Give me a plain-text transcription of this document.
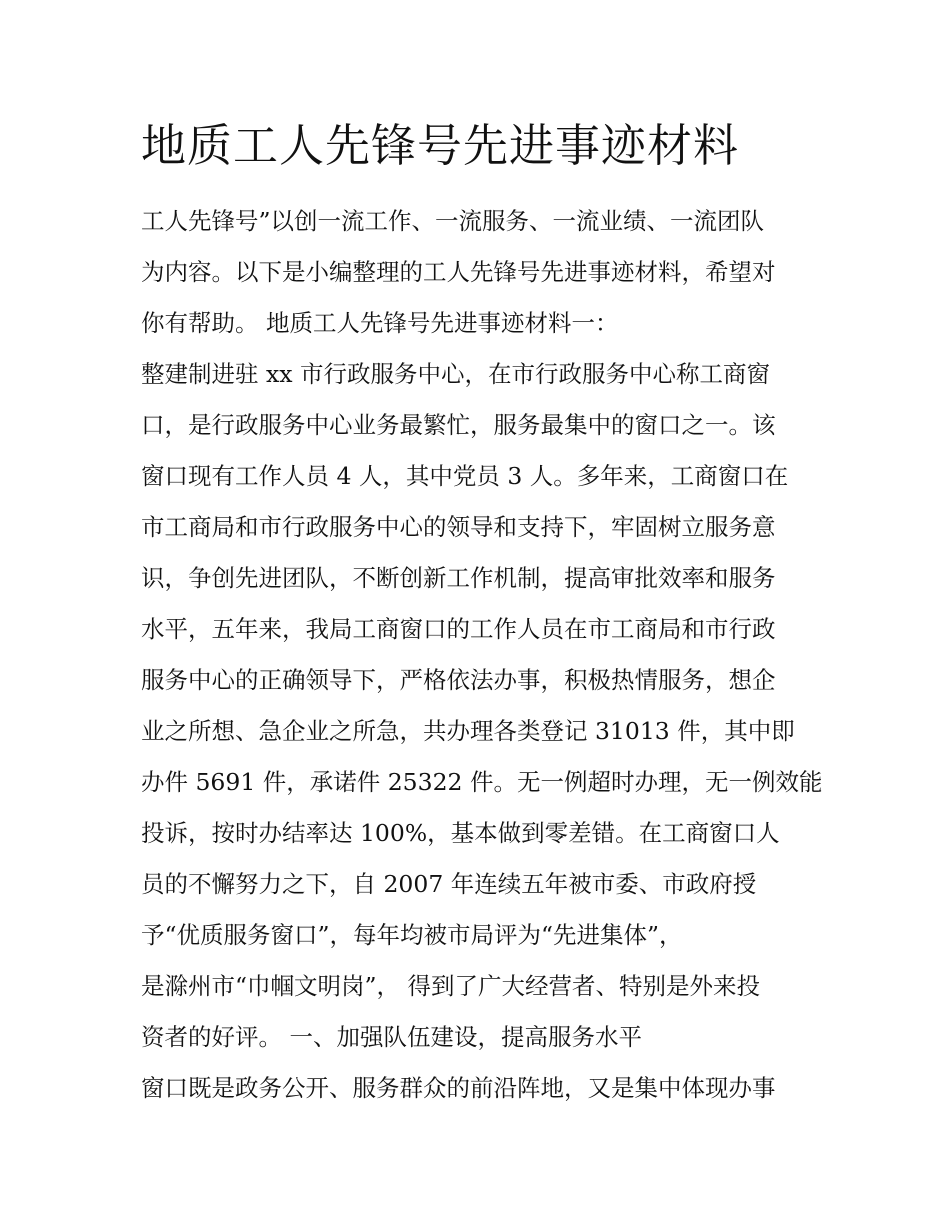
地质工人先锋号先进事迹材料
工人先锋号”以创一流工作、一流服务、一流业绩、一流团队
为内容。以下是小编整理的工人先锋号先进事迹材料，希望对
你有帮助。 地质工人先锋号先进事迹材料一：
整建制进驻 xx 市行政服务中心，在市行政服务中心称工商窗
口，是行政服务中心业务最繁忙，服务最集中的窗口之一。该
窗口现有工作人员 4 人，其中党员 3 人。多年来，工商窗口在
市工商局和市行政服务中心的领导和支持下，牢固树立服务意
识，争创先进团队，不断创新工作机制，提高审批效率和服务
水平，五年来，我局工商窗口的工作人员在市工商局和市行政
服务中心的正确领导下，严格依法办事，积极热情服务，想企
业之所想、急企业之所急，共办理各类登记 31013 件，其中即
办件 5691 件，承诺件 25322 件。无一例超时办理，无一例效能
投诉，按时办结率达 100%，基本做到零差错。在工商窗口人
员的不懈努力之下，自 2007 年连续五年被市委、市政府授
予“优质服务窗口”，每年均被市局评为“先进集体”，
是滁州市“巾帼文明岗”， 得到了广大经营者、特别是外来投
资者的好评。 一、加强队伍建设，提高服务水平
窗口既是政务公开、服务群众的前沿阵地，又是集中体现办事
